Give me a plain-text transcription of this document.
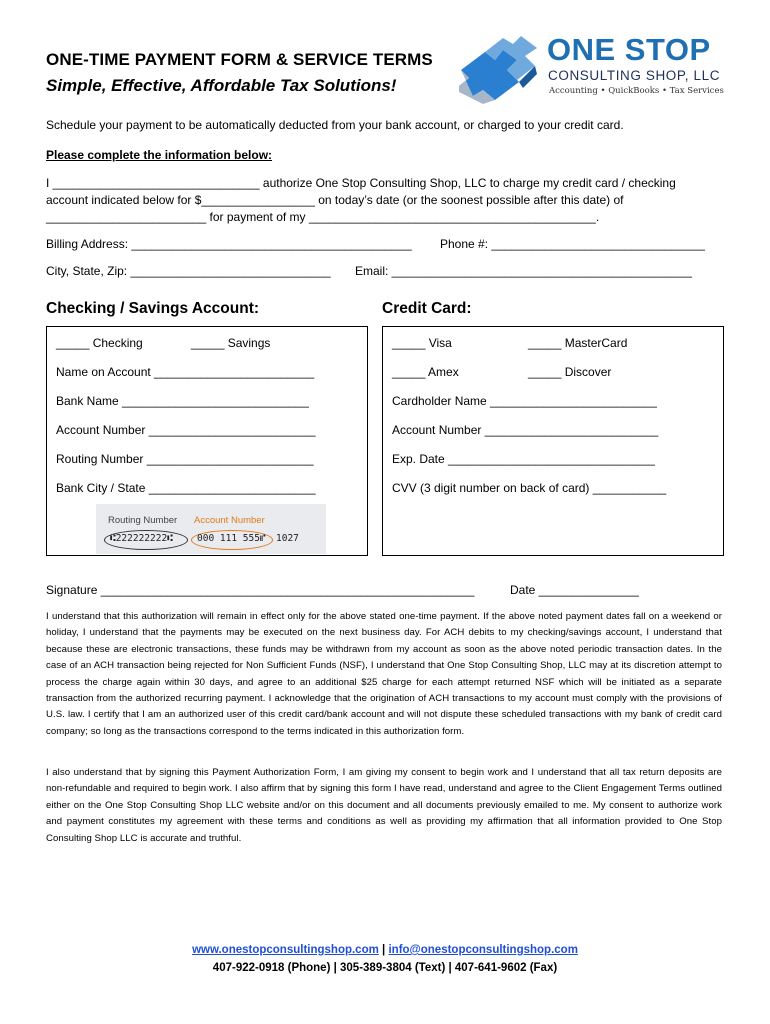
ONE-TIME PAYMENT FORM & SERVICE TERMS
Simple, Effective, Affordable Tax Solutions!
ONE STOP
CONSULTING SHOP, LLC
Accounting • QuickBooks • Tax Services
Schedule your payment to be automatically deducted from your bank account, or charged to your credit card.
Please complete the information below:
I _______________________________ authorize One Stop Consulting Shop, LLC to charge my credit card / checking
account indicated below for $_________________ on today’s date (or the soonest possible after this date) of
________________________ for payment of my ___________________________________________.
Billing Address: __________________________________________ Phone #: ________________________________
City, State, Zip: ______________________________ Email: _____________________________________________
Checking / Savings Account:	Credit Card:
_____ Checking	_____ Savings
Name on Account ________________________
Bank Name ____________________________
Account Number _________________________
Routing Number _________________________
Bank City / State _________________________
Routing Number Account Number
⑆222222222⑆	000 111 555⑈ 1027
_____ Visa	_____ MasterCard
_____ Amex	_____ Discover
Cardholder Name _________________________
Account Number __________________________
Exp. Date _______________________________
CVV (3 digit number on back of card) ___________
Signature ________________________________________________________	Date _______________
I understand that this authorization will remain in effect only for the above stated one-time payment. If the above noted payment dates fall on a weekend or holiday, I understand that the payments may be executed on the next business day. For ACH debits to my checking/savings account, I understand that because these are electronic transactions, these funds may be withdrawn from my account as soon as the above noted periodic transaction dates. In the case of an ACH transaction being rejected for Non Sufficient Funds (NSF), I understand that One Stop Consulting Shop, LLC may at its discretion attempt to process the charge again within 30 days, and agree to an additional $25 charge for each attempt returned NSF which will be initiated as a separate transaction from the authorized recurring payment. I acknowledge that the origination of ACH transactions to my account must comply with the provisions of U.S. law. I certify that I am an authorized user of this credit card/bank account and will not dispute these scheduled transactions with my bank of credit card company; so long as the transactions correspond to the terms indicated in this authorization form.
I also understand that by signing this Payment Authorization Form, I am giving my consent to begin work and I understand that all tax return deposits are non-refundable and required to begin work. I also affirm that by signing this form I have read, understand and agree to the Client Engagement Terms outlined either on the One Stop Consulting Shop LLC website and/or on this document and all documents previously emailed to me. My consent to authorize work and payment constitutes my agreement with these terms and conditions as well as providing my affirmation that all information provided to One Stop Consulting Shop LLC is accurate and truthful.
www.onestopconsultingshop.com | info@onestopconsultingshop.com
407-922-0918 (Phone) | 305-389-3804 (Text) | 407-641-9602 (Fax)
